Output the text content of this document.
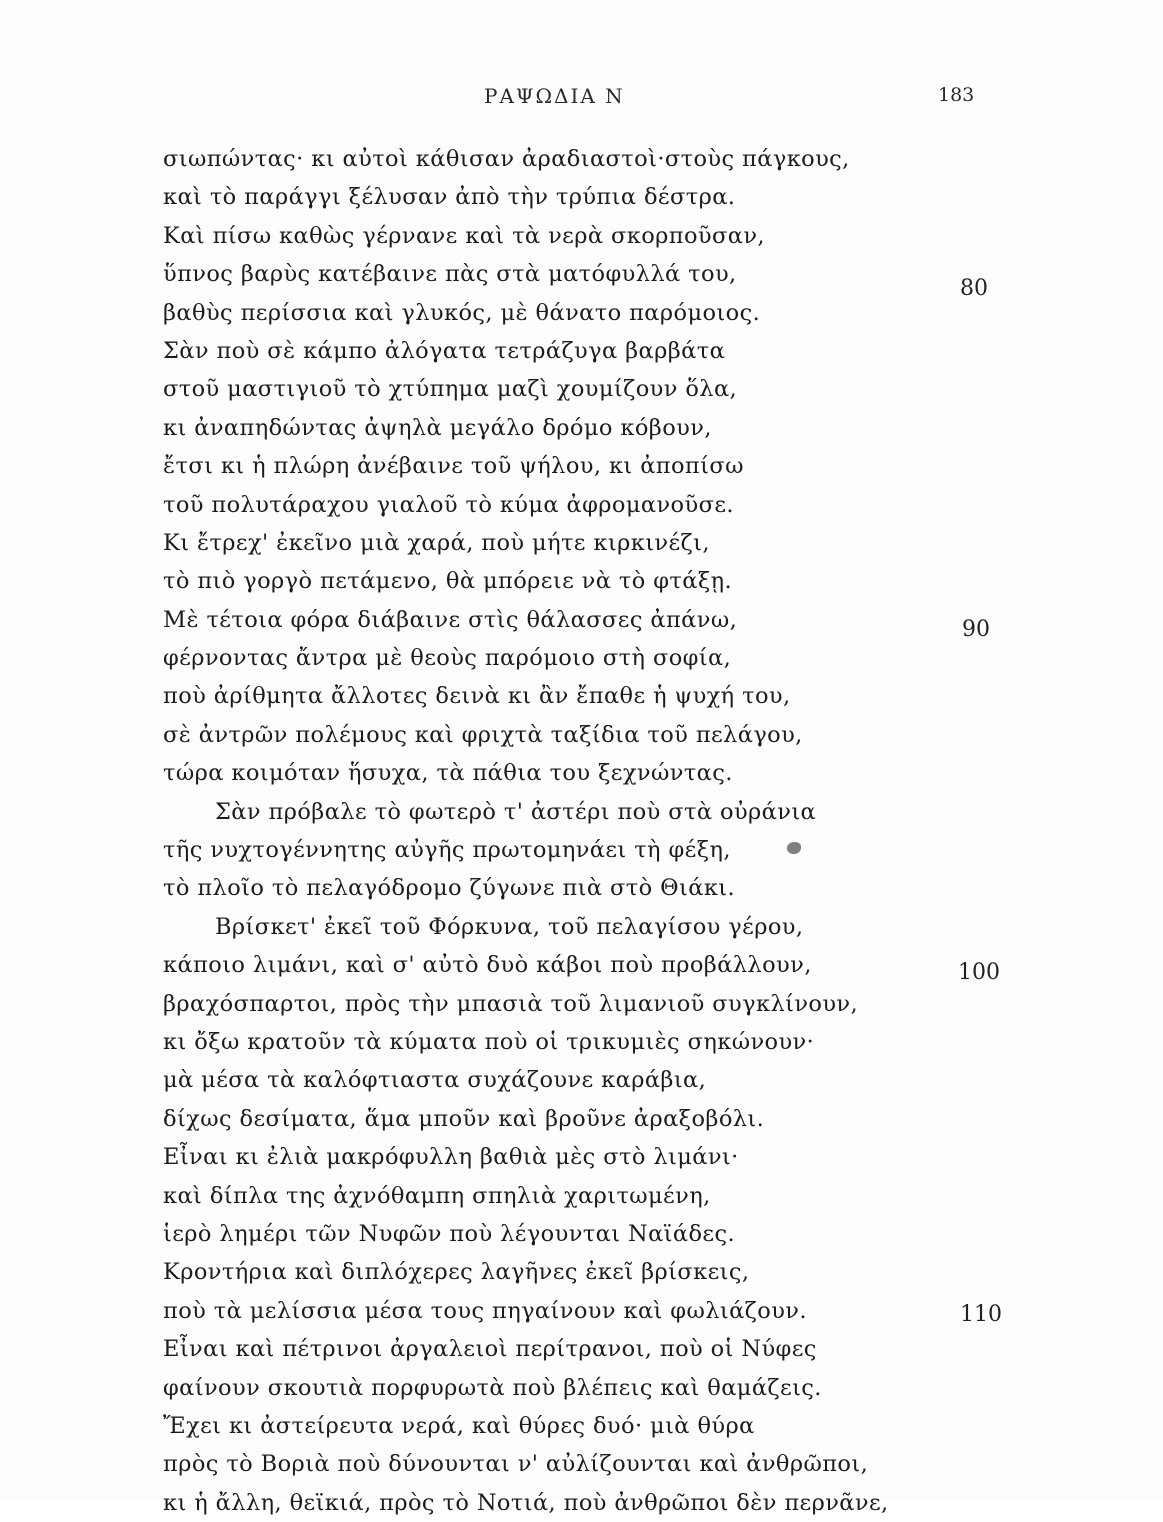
ΡΑΨΩΔΙΑ Ν	183
σιωπώντας· κι αὐτοὶ κάθισαν ἀραδιαστοὶ·στοὺς πάγκους,
καὶ τὸ παράγγι ξέλυσαν ἀπὸ τὴν τρύπια δέστρα.
Καὶ πίσω καθὼς γέρνανε καὶ τὰ νερὰ σκορποῦσαν,
ὕπνος βαρὺς κατέβαινε πὰς στὰ ματόφυλλά του,
βαθὺς περίσσια καὶ γλυκός, μὲ θάνατο παρόμοιος.
Σὰν ποὺ σὲ κάμπο ἀλόγατα τετράζυγα βαρβάτα
στοῦ μαστιγιοῦ τὸ χτύπημα μαζὶ χουμίζουν ὅλα,
κι ἀναπηδώντας ἀψηλὰ μεγάλο δρόμο κόβουν,
ἔτσι κι ἡ πλώρη ἀνέβαινε τοῦ ψήλου, κι ἀποπίσω
τοῦ πολυτάραχου γιαλοῦ τὸ κύμα ἀφρομανοῦσε.
Κι ἔτρεχ' ἐκεῖνο μιὰ χαρά, ποὺ μήτε κιρκινέζι,
τὸ πιὸ γοργὸ πετάμενο, θὰ μπόρειε νὰ τὸ φτάξῃ.
Μὲ τέτοια φόρα διάβαινε στὶς θάλασσες ἀπάνω,
φέρνοντας ἄντρα μὲ θεοὺς παρόμοιο στὴ σοφία,
ποὺ ἀρίθμητα ἄλλοτες δεινὰ κι ἂν ἔπαθε ἡ ψυχή του,
σὲ ἀντρῶν πολέμους καὶ φριχτὰ ταξίδια τοῦ πελάγου,
τώρα κοιμόταν ἥσυχα, τὰ πάθια του ξεχνώντας.
Σὰν πρόβαλε τὸ φωτερὸ τ' ἀστέρι ποὺ στὰ οὐράνια
τῆς νυχτογέννητης αὐγῆς πρωτομηνάει τὴ φέξη,
τὸ πλοῖο τὸ πελαγόδρομο ζύγωνε πιὰ στὸ Θιάκι.
Βρίσκετ' ἐκεῖ τοῦ Φόρκυνα, τοῦ πελαγίσου γέρου,
κάποιο λιμάνι, καὶ σ' αὐτὸ δυὸ κάβοι ποὺ προβάλλουν,
βραχόσπαρτοι, πρὸς τὴν μπασιὰ τοῦ λιμανιοῦ συγκλίνουν,
κι ὄξω κρατοῦν τὰ κύματα ποὺ οἱ τρικυμιὲς σηκώνουν·
μὰ μέσα τὰ καλόφτιαστα συχάζουνε καράβια,
δίχως δεσίματα, ἅμα μποῦν καὶ βροῦνε ἀραξοβόλι.
Εἶναι κι ἐλιὰ μακρόφυλλη βαθιὰ μὲς στὸ λιμάνι·
καὶ δίπλα της ἀχνόθαμπη σπηλιὰ χαριτωμένη,
ἱερὸ λημέρι τῶν Νυφῶν ποὺ λέγουνται Ναϊάδες.
Κροντήρια καὶ διπλόχερες λαγῆνες ἐκεῖ βρίσκεις,
ποὺ τὰ μελίσσια μέσα τους πηγαίνουν καὶ φωλιάζουν.
Εἶναι καὶ πέτρινοι ἀργαλειοὶ περίτρανοι, ποὺ οἱ Νύφες
φαίνουν σκουτιὰ πορφυρωτὰ ποὺ βλέπεις καὶ θαμάζεις.
Ἔχει κι ἀστείρευτα νερά, καὶ θύρες δυό· μιὰ θύρα
πρὸς τὸ Βοριὰ ποὺ δύνουνται ν' αὐλίζουνται καὶ ἀνθρῶποι,
κι ἡ ἄλλη, θεϊκιά, πρὸς τὸ Νοτιά, ποὺ ἀνθρῶποι δὲν περνᾶνε,
80
90
100
110
